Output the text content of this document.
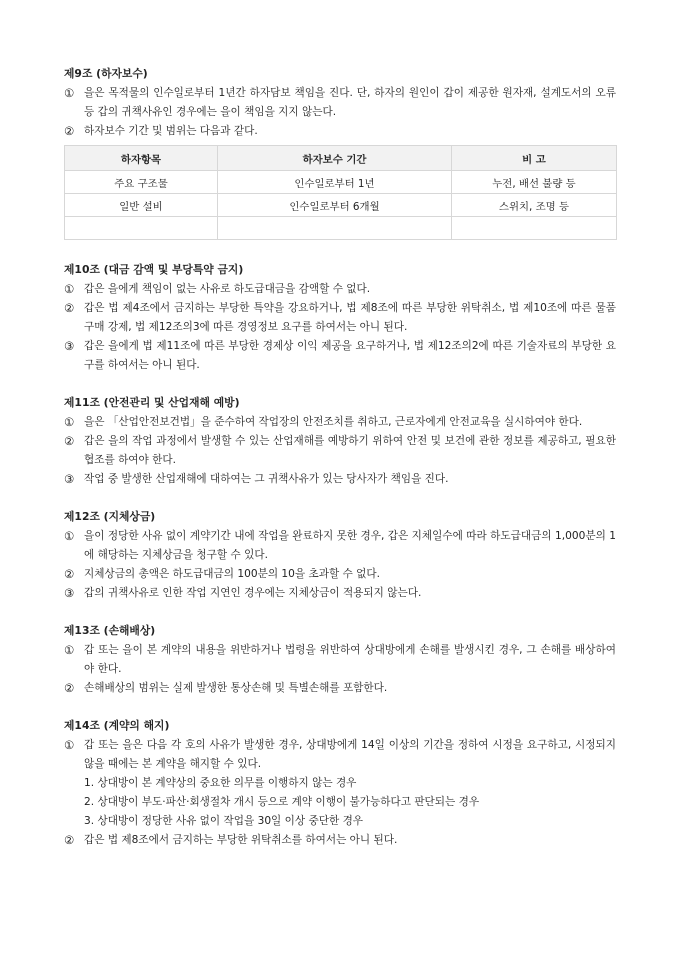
제9조 (하자보수)
① 을은 목적물의 인수일로부터 1년간 하자담보 책임을 진다. 단, 하자의 원인이 갑이 제공한 원자재, 설계도서의 오류 등 갑의 귀책사유인 경우에는 을이 책임을 지지 않는다.
② 하자보수 기간 및 범위는 다음과 같다.
하자항목	하자보수 기간	비 고
주요 구조물	인수일로부터 1년	누전, 배선 불량 등
일반 설비	인수일로부터 6개월	스위치, 조명 등

제10조 (대금 감액 및 부당특약 금지)
① 갑은 을에게 책임이 없는 사유로 하도급대금을 감액할 수 없다.
② 갑은 법 제4조에서 금지하는 부당한 특약을 강요하거나, 법 제8조에 따른 부당한 위탁취소, 법 제10조에 따른 물품구매 강제, 법 제12조의3에 따른 경영정보 요구를 하여서는 아니 된다.
③ 갑은 을에게 법 제11조에 따른 부당한 경제상 이익 제공을 요구하거나, 법 제12조의2에 따른 기술자료의 부당한 요구를 하여서는 아니 된다.
제11조 (안전관리 및 산업재해 예방)
① 을은 「산업안전보건법」을 준수하여 작업장의 안전조치를 취하고, 근로자에게 안전교육을 실시하여야 한다.
② 갑은 을의 작업 과정에서 발생할 수 있는 산업재해를 예방하기 위하여 안전 및 보건에 관한 정보를 제공하고, 필요한 협조를 하여야 한다.
③ 작업 중 발생한 산업재해에 대하여는 그 귀책사유가 있는 당사자가 책임을 진다.
제12조 (지체상금)
① 을이 정당한 사유 없이 계약기간 내에 작업을 완료하지 못한 경우, 갑은 지체일수에 따라 하도급대금의 1,000분의 1에 해당하는 지체상금을 청구할 수 있다.
② 지체상금의 총액은 하도급대금의 100분의 10을 초과할 수 없다.
③ 갑의 귀책사유로 인한 작업 지연인 경우에는 지체상금이 적용되지 않는다.
제13조 (손해배상)
① 갑 또는 을이 본 계약의 내용을 위반하거나 법령을 위반하여 상대방에게 손해를 발생시킨 경우, 그 손해를 배상하여야 한다.
② 손해배상의 범위는 실제 발생한 통상손해 및 특별손해를 포함한다.
제14조 (계약의 해지)
① 갑 또는 을은 다음 각 호의 사유가 발생한 경우, 상대방에게 14일 이상의 기간을 정하여 시정을 요구하고, 시정되지 않을 때에는 본 계약을 해지할 수 있다.
1. 상대방이 본 계약상의 중요한 의무를 이행하지 않는 경우
2. 상대방이 부도·파산·회생절차 개시 등으로 계약 이행이 불가능하다고 판단되는 경우
3. 상대방이 정당한 사유 없이 작업을 30일 이상 중단한 경우
② 갑은 법 제8조에서 금지하는 부당한 위탁취소를 하여서는 아니 된다.
